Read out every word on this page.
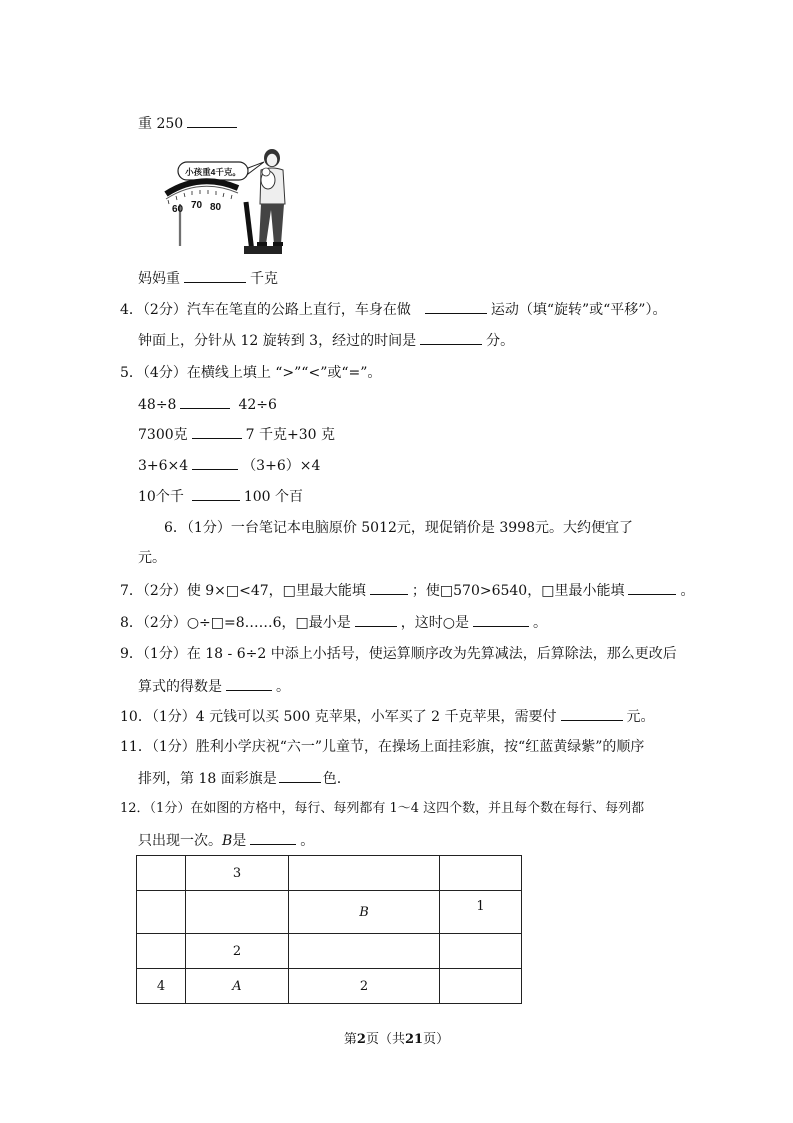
重 250
小孩重4千克。
60 70 80
妈妈重	千克
4．（2分）汽车在笔直的公路上直行，车身在做	运动（填“旋转”或“平移”）。
钟面上，分针从 12 旋转到 3，经过的时间是	分。
5．（4分）在横线上填上 “>”“<”或“=”。
48÷8	42÷6
7300克	7 千克+30 克
3+6×4	（3+6）×4
10个千	100 个百
6．（1分）一台笔记本电脑原价 5012元，现促销价是 3998元。大约便宜了
元。
7．（2分）使 9×□<47，□里最大能填	；使□570>6540，□里最小能填	。
8．（2分）○÷□=8……6，□最小是	，这时○是	。
9．（1分）在 18 - 6÷2 中添上小括号，使运算顺序改为先算减法，后算除法，那么更改后
算式的得数是	。
10．（1分）4 元钱可以买 500 克苹果，小军买了 2 千克苹果，需要付	元。
11．（1分）胜利小学庆祝“六一”儿童节，在操场上面挂彩旗，按“红蓝黄绿紫”的顺序
排列，第 18 面彩旗是	色.
12．（1分）在如图的方格中，每行、每列都有 1～4 这四个数，并且每个数在每行、每列都
只出现一次。B是	。
	3		
		B	1
	2		
4	A	2	
第2页（共21页）
